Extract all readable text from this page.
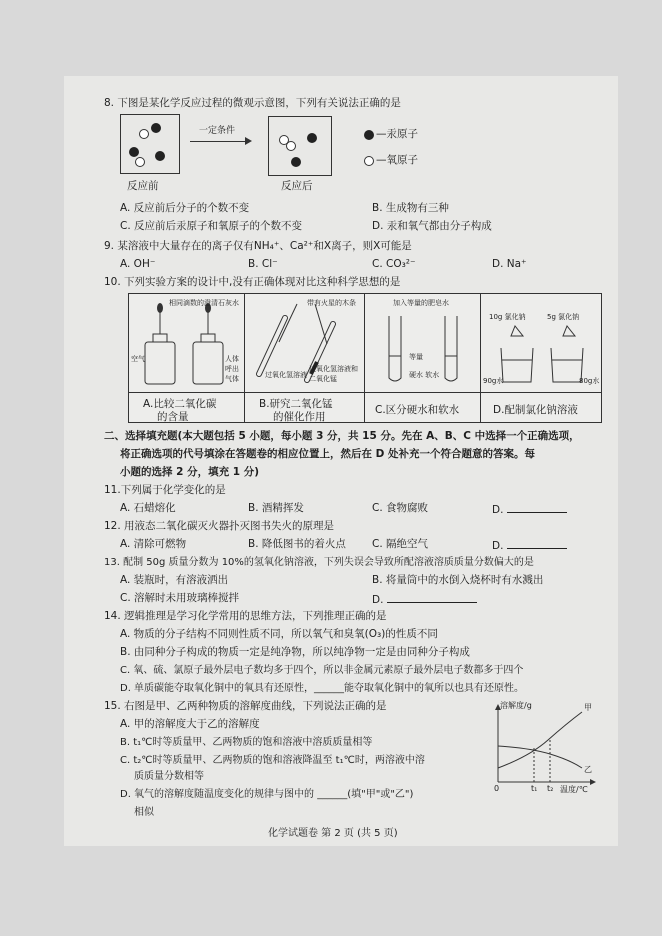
8. 下图是某化学反应过程的微观示意图，下列有关说法正确的是
反应前
一定条件
反应后
—汞原子
—氧原子
A. 反应前后分子的个数不变	B. 生成物有三种
C. 反应前后汞原子和氧原子的个数不变	D. 汞和氧气都由分子构成
9. 某溶液中大量存在的离子仅有NH₄⁺、Ca²⁺和X离子，则X可能是
A. OH⁻	B. Cl⁻	C. CO₃²⁻	D. Na⁺
10. 下列实验方案的设计中,没有正确体现对比这种科学思想的是
相同滴数的澄清石灰水
空气	人体呼出气体
A.比较二氧化碳
的含量
带有火星的木条
过氧化氢溶液
过氧化氢溶液和二氧化锰
B.研究二氧化锰
的催化作用
加入等量的肥皂水
等量
硬水 软水
C.区分硬水和软水
10g 氯化钠	5g 氯化钠
90g水	80g水
D.配制氯化钠溶液
二、选择填充题(本大题包括 5 小题，每小题 3 分，共 15 分。先在 A、B、C 中选择一个正确选项，
将正确选项的代号填涂在答题卷的相应位置上，然后在 D 处补充一个符合题意的答案。每
小题的选择 2 分，填充 1 分)
11.下列属于化学变化的是
A. 石蜡熔化	B. 酒精挥发	C. 食物腐败	D.
12. 用液态二氧化碳灭火器扑灭图书失火的原理是
A. 清除可燃物	B. 降低图书的着火点 C. 隔绝空气	D.
13. 配制 50g 质量分数为 10%的氢氧化钠溶液，下列失误会导致所配溶液溶质质量分数偏大的是
A. 装瓶时，有溶液洒出	B. 将量筒中的水倒入烧杯时有水溅出
C. 溶解时未用玻璃棒搅拌	D.
14. 逻辑推理是学习化学常用的思维方法，下列推理正确的是
A. 物质的分子结构不同则性质不同，所以氧气和臭氧(O₃)的性质不同
B. 由同种分子构成的物质一定是纯净物，所以纯净物一定是由同种分子构成
C. 氧、硫、氯原子最外层电子数均多于四个，所以非金属元素原子最外层电子数都多于四个
D. 单质碳能夺取氧化铜中的氧具有还原性，______能夺取氧化铜中的氧所以也具有还原性。
15. 右图是甲、乙两种物质的溶解度曲线，下列说法正确的是
A. 甲的溶解度大于乙的溶解度
B. t₁℃时等质量甲、乙两物质的饱和溶液中溶质质量相等
C. t₂℃时等质量甲、乙两物质的饱和溶液降温至 t₁℃时，两溶液中溶
质质量分数相等
D. 氧气的溶解度随温度变化的规律与图中的 ______(填"甲"或"乙")
相似
溶解度/g	甲
乙
0	t₁ t₂ 温度/℃
化学试题卷 第 2 页 (共 5 页)
